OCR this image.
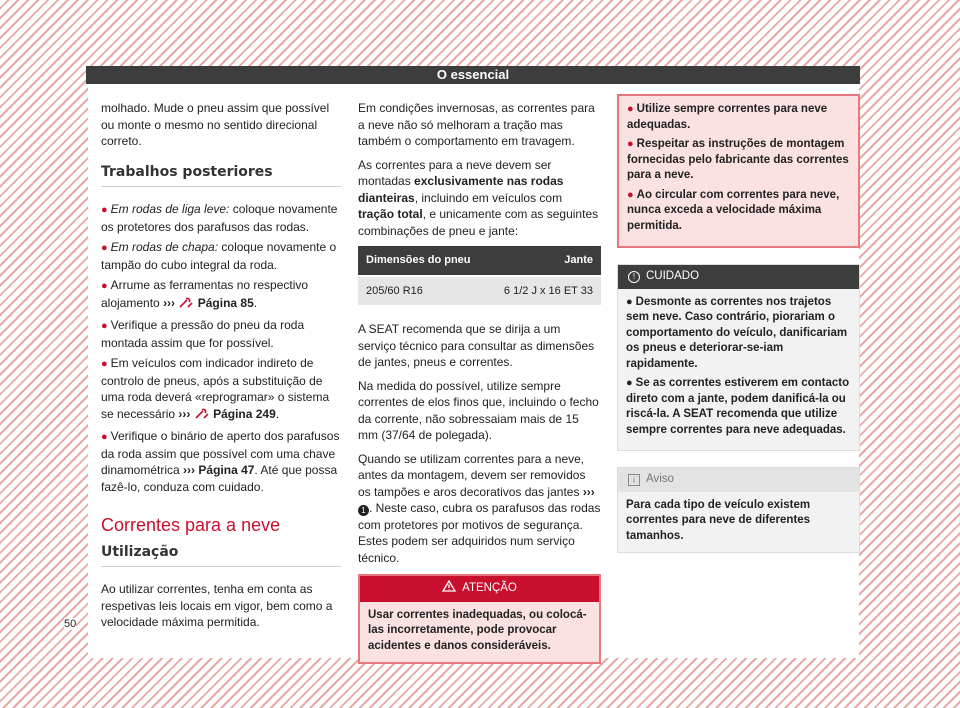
O essencial

molhado. Mude o pneu assim que possível ou monte o mesmo no sentido direcional correto.

Trabalhos posteriores

● Em rodas de liga leve: coloque novamente os protetores dos parafusos das rodas.

● Em rodas de chapa: coloque novamente o tampão do cubo integral da roda.

● Arrume as ferramentas no respectivo alojamento ››› Página 85.

● Verifique a pressão do pneu da roda montada assim que for possível.

● Em veículos com indicador indireto de controlo de pneus, após a substituição de uma roda deverá «reprogramar» o sistema se necessário ››› Página 249.

● Verifique o binário de aperto dos parafusos da roda assim que possível com uma chave dinamométrica ››› Página 47. Até que possa fazê-lo, conduza com cuidado.

Correntes para a neve
Utilização

Ao utilizar correntes, tenha em conta as respetivas leis locais em vigor, bem como a velocidade máxima permitida.

Em condições invernosas, as correntes para a neve não só melhoram a tração mas também o comportamento em travagem.

As correntes para a neve devem ser montadas exclusivamente nas rodas dianteiras, incluindo em veículos com tração total, e unicamente com as seguintes combinações de pneu e jante:

Dimensões do pneu	Jante
205/60 R16	6 1/2 J x 16 ET 33

A SEAT recomenda que se dirija a um serviço técnico para consultar as dimensões de jantes, pneus e correntes.

Na medida do possível, utilize sempre correntes de elos finos que, incluindo o fecho da corrente, não sobressaiam mais de 15 mm (37/64 de polegada).

Quando se utilizam correntes para a neve, antes da montagem, devem ser removidos os tampões e aros decorativos das jantes ››› 1 . Neste caso, cubra os parafusos das rodas com protetores por motivos de segurança. Estes podem ser adquiridos num serviço técnico.

ATENÇÃO
Usar correntes inadequadas, ou colocá-las incorretamente, pode provocar acidentes e danos consideráveis.

● Utilize sempre correntes para neve adequadas.

● Respeitar as instruções de montagem fornecidas pelo fabricante das correntes para a neve.

● Ao circular com correntes para neve, nunca exceda a velocidade máxima permitida.

! CUIDADO

● Desmonte as correntes nos trajetos sem neve. Caso contrário, piorariam o comportamento do veículo, danificariam os pneus e deteriorar-se-iam rapidamente.

● Se as correntes estiverem em contacto direto com a jante, podem danificá-la ou riscá-la. A SEAT recomenda que utilize sempre correntes para neve adequadas.

i Aviso
Para cada tipo de veículo existem correntes para neve de diferentes tamanhos.
50
